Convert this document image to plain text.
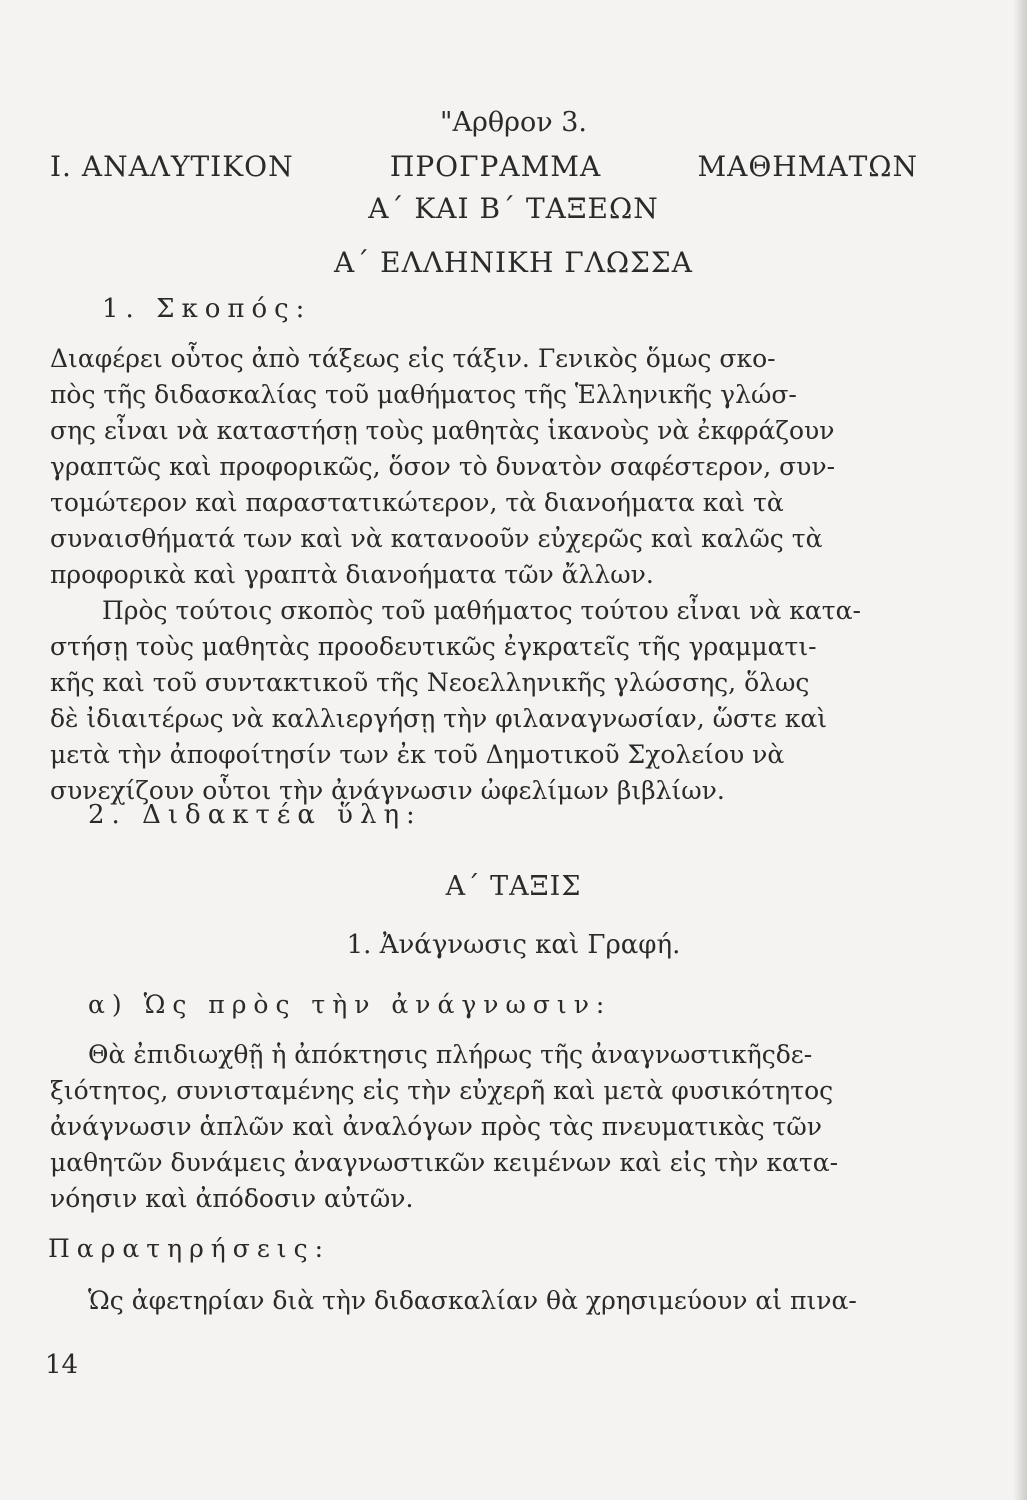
"Αρθρον 3.
Ι. ΑΝΑΛΥΤΙΚΟΝ	ΠΡΟΓΡΑΜΜΑ	ΜΑΘΗΜΑΤΩΝ
Α΄ ΚΑΙ Β΄ ΤΑΞΕΩΝ
Α΄ ΕΛΛΗΝΙΚΗ ΓΛΩΣΣΑ
1. Σκοπός:
Διαφέρει οὗτος ἀπὸ τάξεως εἰς τάξιν. Γενικὸς ὅμως σκο-
πὸς τῆς διδασκαλίας τοῦ μαθήματος τῆς Ἑλληνικῆς γλώσ-
σης εἶναι νὰ καταστήσῃ τοὺς μαθητὰς ἱκανοὺς νὰ ἐκφράζουν
γραπτῶς καὶ προφορικῶς, ὅσον τὸ δυνατὸν σαφέστερον, συν-
τομώτερον καὶ παραστατικώτερον, τὰ διανοήματα καὶ τὰ
συναισθήματά των καὶ νὰ κατανοοῦν εὐχερῶς καὶ καλῶς τὰ
προφορικὰ καὶ γραπτὰ διανοήματα τῶν ἄλλων.
Πρὸς τούτοις σκοπὸς τοῦ μαθήματος τούτου εἶναι νὰ κατα-
στήσῃ τοὺς μαθητὰς προοδευτικῶς ἐγκρατεῖς τῆς γραμματι-
κῆς καὶ τοῦ συντακτικοῦ τῆς Νεοελληνικῆς γλώσσης, ὅλως
δὲ ἰδιαιτέρως νὰ καλλιεργήσῃ τὴν φιλαναγνωσίαν, ὥστε καὶ
μετὰ τὴν ἀποφοίτησίν των ἐκ τοῦ Δημοτικοῦ Σχολείου νὰ
συνεχίζουν οὗτοι τὴν ἀνάγνωσιν ὠφελίμων βιβλίων.
2. Διδακτέα ὕλη:
Α΄ ΤΑΞΙΣ
1. Ἀνάγνωσις καὶ Γραφή.
α) Ὡς πρὸς τὴν ἀνάγνωσιν:
Θὰ ἐπιδιωχθῇ ἡ ἀπόκτησις πλήρως τῆς ἀναγνωστικῆςδε-
ξιότητος, συνισταμένης εἰς τὴν εὐχερῆ καὶ μετὰ φυσικότητος
ἀνάγνωσιν ἁπλῶν καὶ ἀναλόγων πρὸς τὰς πνευματικὰς τῶν
μαθητῶν δυνάμεις ἀναγνωστικῶν κειμένων καὶ εἰς τὴν κατα-
νόησιν καὶ ἀπόδοσιν αὐτῶν.
Παρατηρήσεις:
Ὡς ἀφετηρίαν διὰ τὴν διδασκαλίαν θὰ χρησιμεύουν αἱ πινα-
14
